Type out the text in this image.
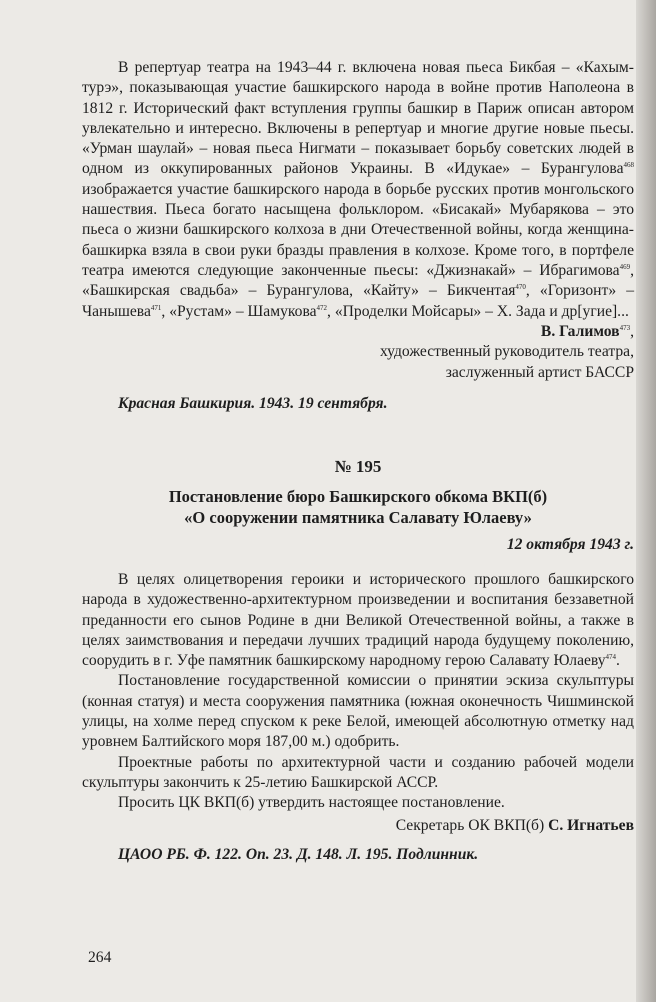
В репертуар театра на 1943–44 г. включена новая пьеса Бикбая – «Кахым-турэ», показывающая участие башкирского народа в войне против Наполеона в 1812 г. Исторический факт вступления группы башкир в Париж описан автором увлекательно и интересно. Включены в репертуар и многие другие новые пьесы. «Урман шаулай» – новая пьеса Нигмати – показывает борьбу советских людей в одном из оккупированных районов Украины. В «Идукае» – Бурангулова$^{468}$ изображается участие башкирского народа в борьбе русских против монгольского нашествия. Пьеса богато насыщена фольклором. «Бисакай» Мубарякова – это пьеса о жизни башкирского колхоза в дни Отечественной войны, когда женщина-башкирка взяла в свои руки бразды правления в колхозе. Кроме того, в портфеле театра имеются следующие законченные пьесы: «Джизнакай» – Ибрагимова$^{469}$, «Башкирская свадьба» – Бурангулова, «Кайту» – Бикчентая$^{470}$, «Горизонт» – Чанышева$^{471}$, «Рустам» – Шамукова$^{472}$, «Проделки Мойсары» – Х. Зада и др[угие]...

В. Галимов$^{473}$,

художественный руководитель театра,

заслуженный артист БАССР

Красная Башкирия. 1943. 19 сентября.
№ 195
Постановление бюро Башкирского обкома ВКП(б)
«О сооружении памятника Салавату Юлаеву»
12 октября 1943 г.

В целях олицетворения героики и исторического прошлого башкирского народа в художественно-архитектурном произведении и воспитания беззаветной преданности его сынов Родине в дни Великой Отечественной войны, а также в целях заимствования и передачи лучших традиций народа будущему поколению, соорудить в г. Уфе памятник башкирскому народному герою Салавату Юлаеву$^{474}$.

Постановление государственной комиссии о принятии эскиза скульптуры (конная статуя) и места сооружения памятника (южная оконечность Чишминской улицы, на холме перед спуском к реке Белой, имеющей абсолютную отметку над уровнем Балтийского моря 187,00 м.) одобрить.

Проектные работы по архитектурной части и созданию рабочей модели скульптуры закончить к 25-летию Башкирской АССР.

Просить ЦК ВКП(б) утвердить настоящее постановление.

Секретарь ОК ВКП(б) С. Игнатьев

ЦАОО РБ. Ф. 122. Оп. 23. Д. 148. Л. 195. Подлинник.
264
